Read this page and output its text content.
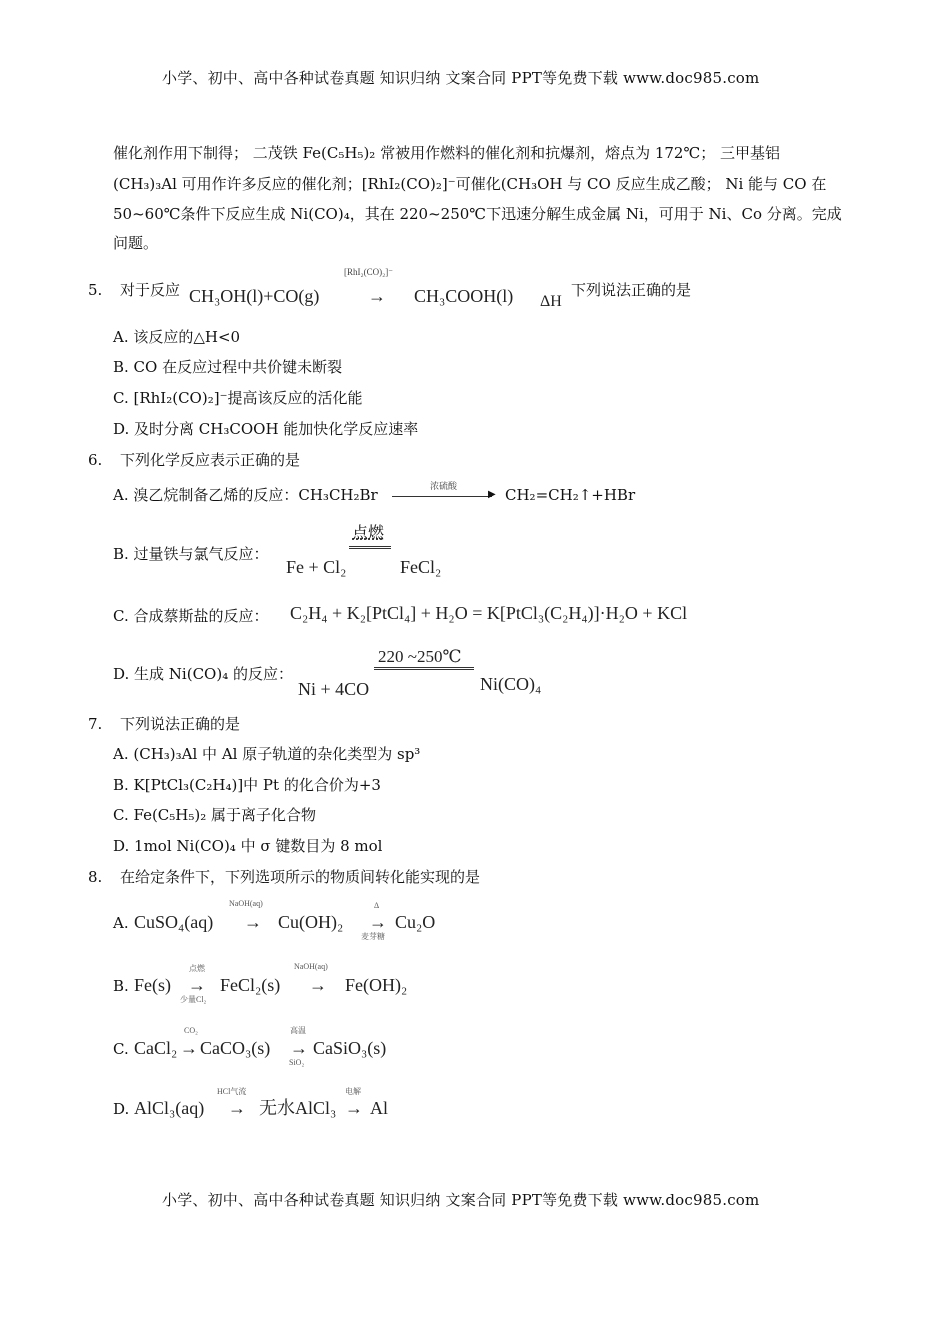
小学、初中、高中各种试卷真题 知识归纳 文案合同 PPT等免费下载 www.doc985.com
催化剂作用下制得； 二茂铁 Fe(C₅H₅)₂ 常被用作燃料的催化剂和抗爆剂，熔点为 172℃； 三甲基铝
(CH₃)₃Al 可用作许多反应的催化剂；[RhI₂(CO)₂]⁻可催化(CH₃OH 与 CO 反应生成乙酸； Ni 能与 CO 在
50~60℃条件下反应生成 Ni(CO)₄，其在 220~250℃下迅速分解生成金属 Ni，可用于 Ni、Co 分离。完成
问题。
5. 对于反应 CH₃OH(l)+CO(g)
[RhI₂(CO)₂]⁻
→ CH₃COOH(l) ΔH
下列说法正确的是
A. 该反应的△H<0
B. CO 在反应过程中共价键未断裂
C. [RhI₂(CO)₂]⁻提高该反应的活化能
D. 及时分离 CH₃COOH 能加快化学反应速率
6. 下列化学反应表示正确的是
A. 溴乙烷制备乙烯的反应：CH₃CH₂Br	浓硫酸
▶ CH₂=CH₂↑+HBr
B. 过量铁与氯气反应：
点燃
Fe + Cl₂	FeCl₂
C. 合成蔡斯盐的反应： C₂H₄ + K₂[PtCl₄] + H₂O = K[PtCl₃(C₂H₄)]·H₂O + KCl
D. 生成 Ni(CO)₄ 的反应：
220 ~250℃
Ni + 4CO	Ni(CO)₄
7. 下列说法正确的是
A. (CH₃)₃Al 中 Al 原子轨道的杂化类型为 sp³
B. K[PtCl₃(C₂H₄)]中 Pt 的化合价为+3
C. Fe(C₅H₅)₂ 属于离子化合物
D. 1mol Ni(CO)₄ 中 σ 键数目为 8 mol
8. 在给定条件下，下列选项所示的物质间转化能实现的是
A. CuSO₄(aq)
NaOH(aq)
→ Cu(OH)₂
Δ
→
麦芽糖
Cu₂O
B. Fe(s)
点燃
→
少量Cl₂
FeCl₂(s)
NaOH(aq)
→ Fe(OH)₂
C. CaCl₂
CO₂
→ CaCO₃(s)
高温
→
SiO₂
CaSiO₃(s)
D. AlCl₃(aq)
HCl气流
→ 无水AlCl₃
电解
→ Al
小学、初中、高中各种试卷真题 知识归纳 文案合同 PPT等免费下载 www.doc985.com
